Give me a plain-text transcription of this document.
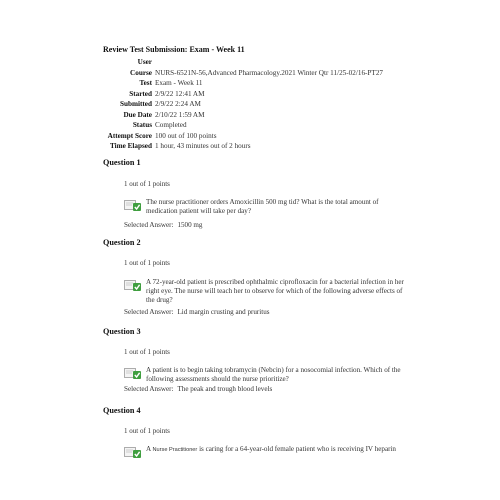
Review Test Submission: Exam - Week 11
User
Course NURS-6521N-56,Advanced Pharmacology.2021 Winter Qtr 11/25-02/16-PT27
Test Exam - Week 11
Started 2/9/22 12:41 AM
Submitted 2/9/22 2:24 AM
Due Date 2/10/22 1:59 AM
Status Completed
Attempt Score 100 out of 100 points
Time Elapsed 1 hour, 43 minutes out of 2 hours
Question 1
1 out of 1 points
The nurse practitioner orders Amoxicillin 500 mg tid? What is the total amount of medication patient will take per day?
Selected Answer: 1500 mg
Question 2
1 out of 1 points
A 72-year-old patient is prescribed ophthalmic ciprofloxacin for a bacterial infection in her right eye. The nurse will teach her to observe for which of the following adverse effects of the drug?
Selected Answer: Lid margin crusting and pruritus
Question 3
1 out of 1 points
A patient is to begin taking tobramycin (Nebcin) for a nosocomial infection. Which of the following assessments should the nurse prioritize?
Selected Answer: The peak and trough blood levels
Question 4
1 out of 1 points
A Nurse Practitioner is caring for a 64-year-old female patient who is receiving IV heparin
